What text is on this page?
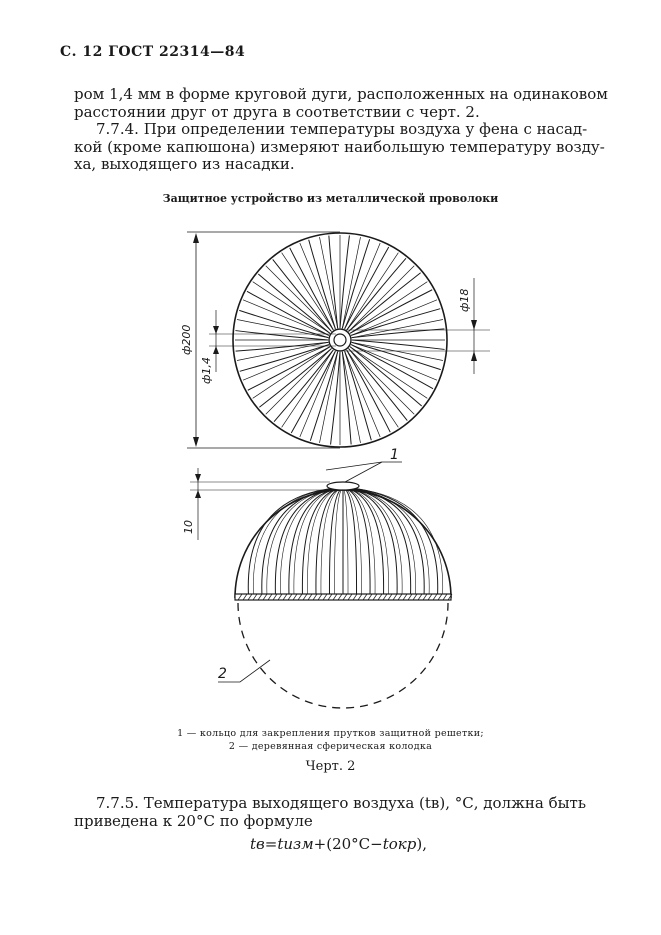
С. 12 ГОСТ 22314—84
ром 1,4 мм в форме круговой дуги, расположенных на одинаковом
расстоянии друг от друга в соответствии с черт. 2.
7.7.4. При определении температуры воздуха у фена с насад-
кой (кроме капюшона) измеряют наибольшую температуру возду-
ха, выходящего из насадки.
Защитное устройство из металлической проволоки
ф200
ф1,4
ф18
10
1
2
1 — кольцо для закрепления прутков защитной решетки;
2 — деревянная сферическая колодка
Черт. 2
7.7.5. Температура выходящего воздуха (tв), °С, должна быть
приведена к 20°С по формуле
tв=tизм+(20°С−tокр),
